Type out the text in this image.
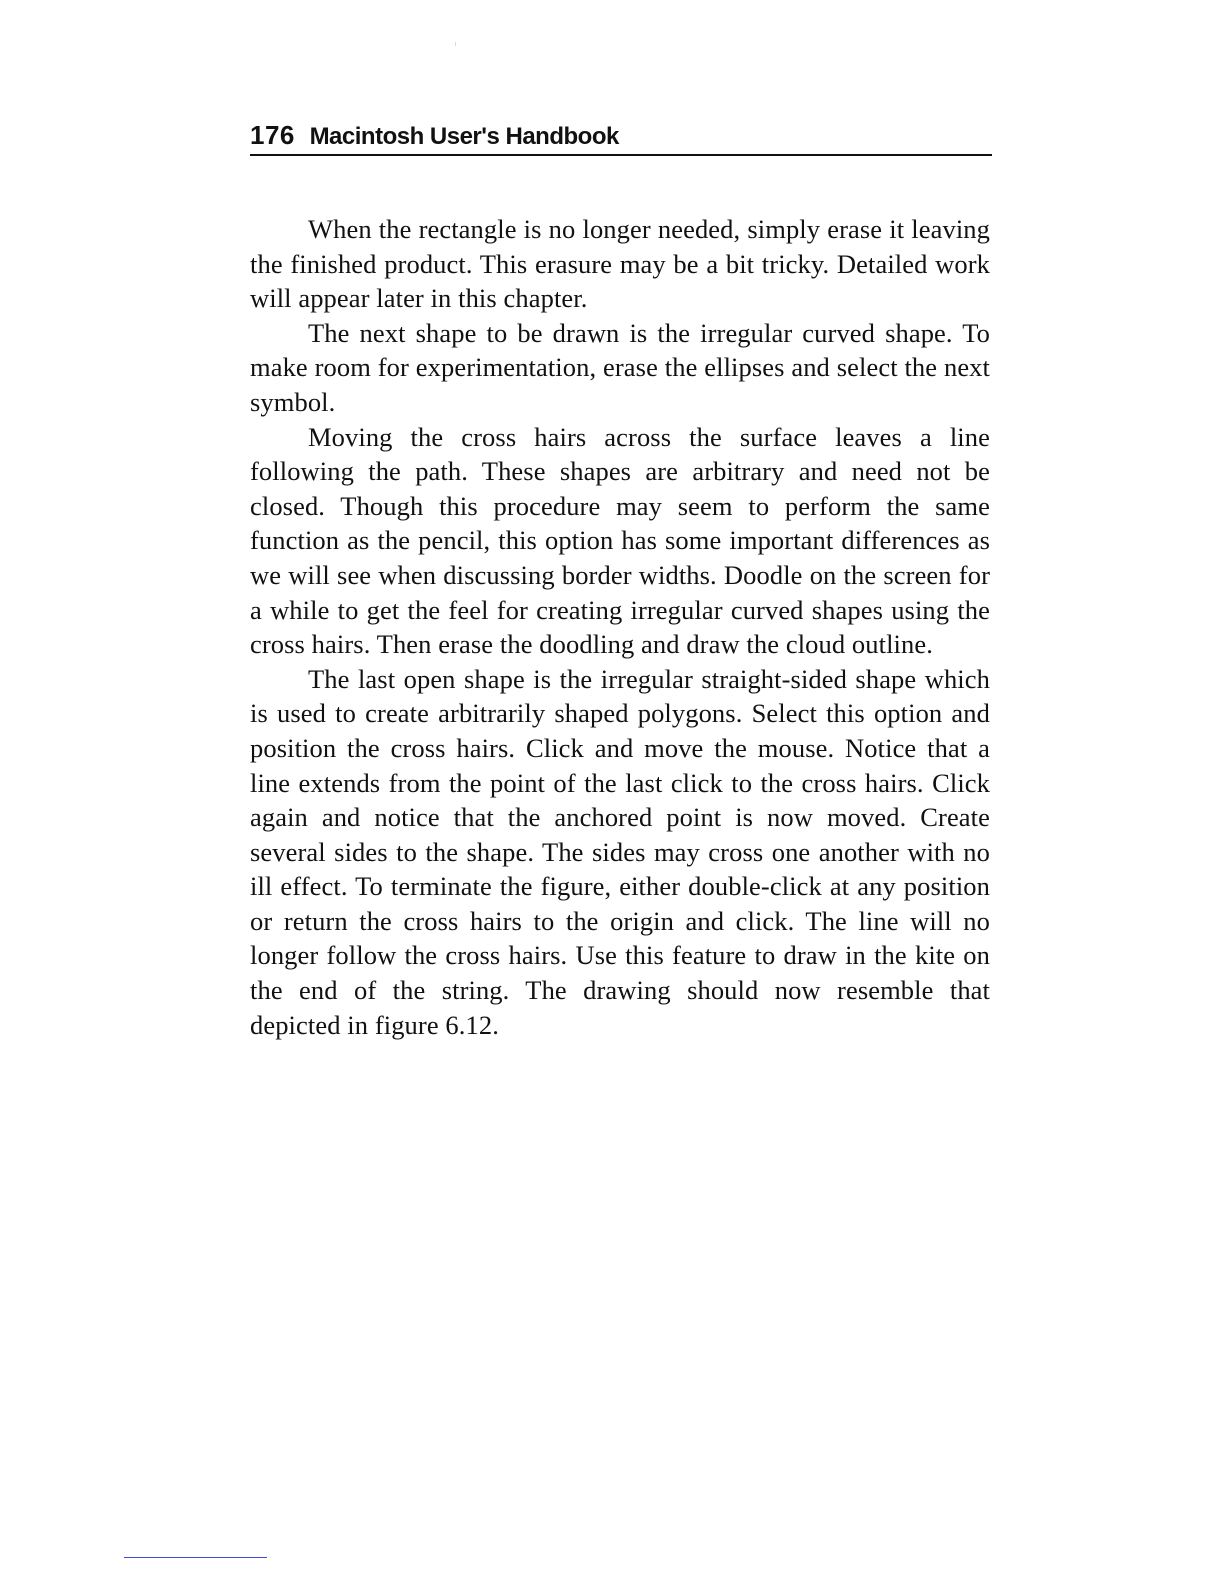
176 Macintosh User's Handbook

When the rectangle is no longer needed, simply erase it leaving the finished product. This erasure may be a bit tricky. Detailed work will appear later in this chapter.

The next shape to be drawn is the irregular curved shape. To make room for experimentation, erase the ellipses and select the next symbol.

Moving the cross hairs across the surface leaves a line following the path. These shapes are arbitrary and need not be closed. Though this procedure may seem to perform the same function as the pencil, this option has some important differences as we will see when discussing border widths. Doodle on the screen for a while to get the feel for creating irregular curved shapes using the cross hairs. Then erase the doodling and draw the cloud outline.

The last open shape is the irregular straight-sided shape which is used to create arbitrarily shaped polygons. Select this option and position the cross hairs. Click and move the mouse. Notice that a line extends from the point of the last click to the cross hairs. Click again and notice that the anchored point is now moved. Create several sides to the shape. The sides may cross one another with no ill effect. To terminate the figure, either double-click at any position or return the cross hairs to the origin and click. The line will no longer follow the cross hairs. Use this feature to draw in the kite on the end of the string. The drawing should now resemble that depicted in figure 6.12.
